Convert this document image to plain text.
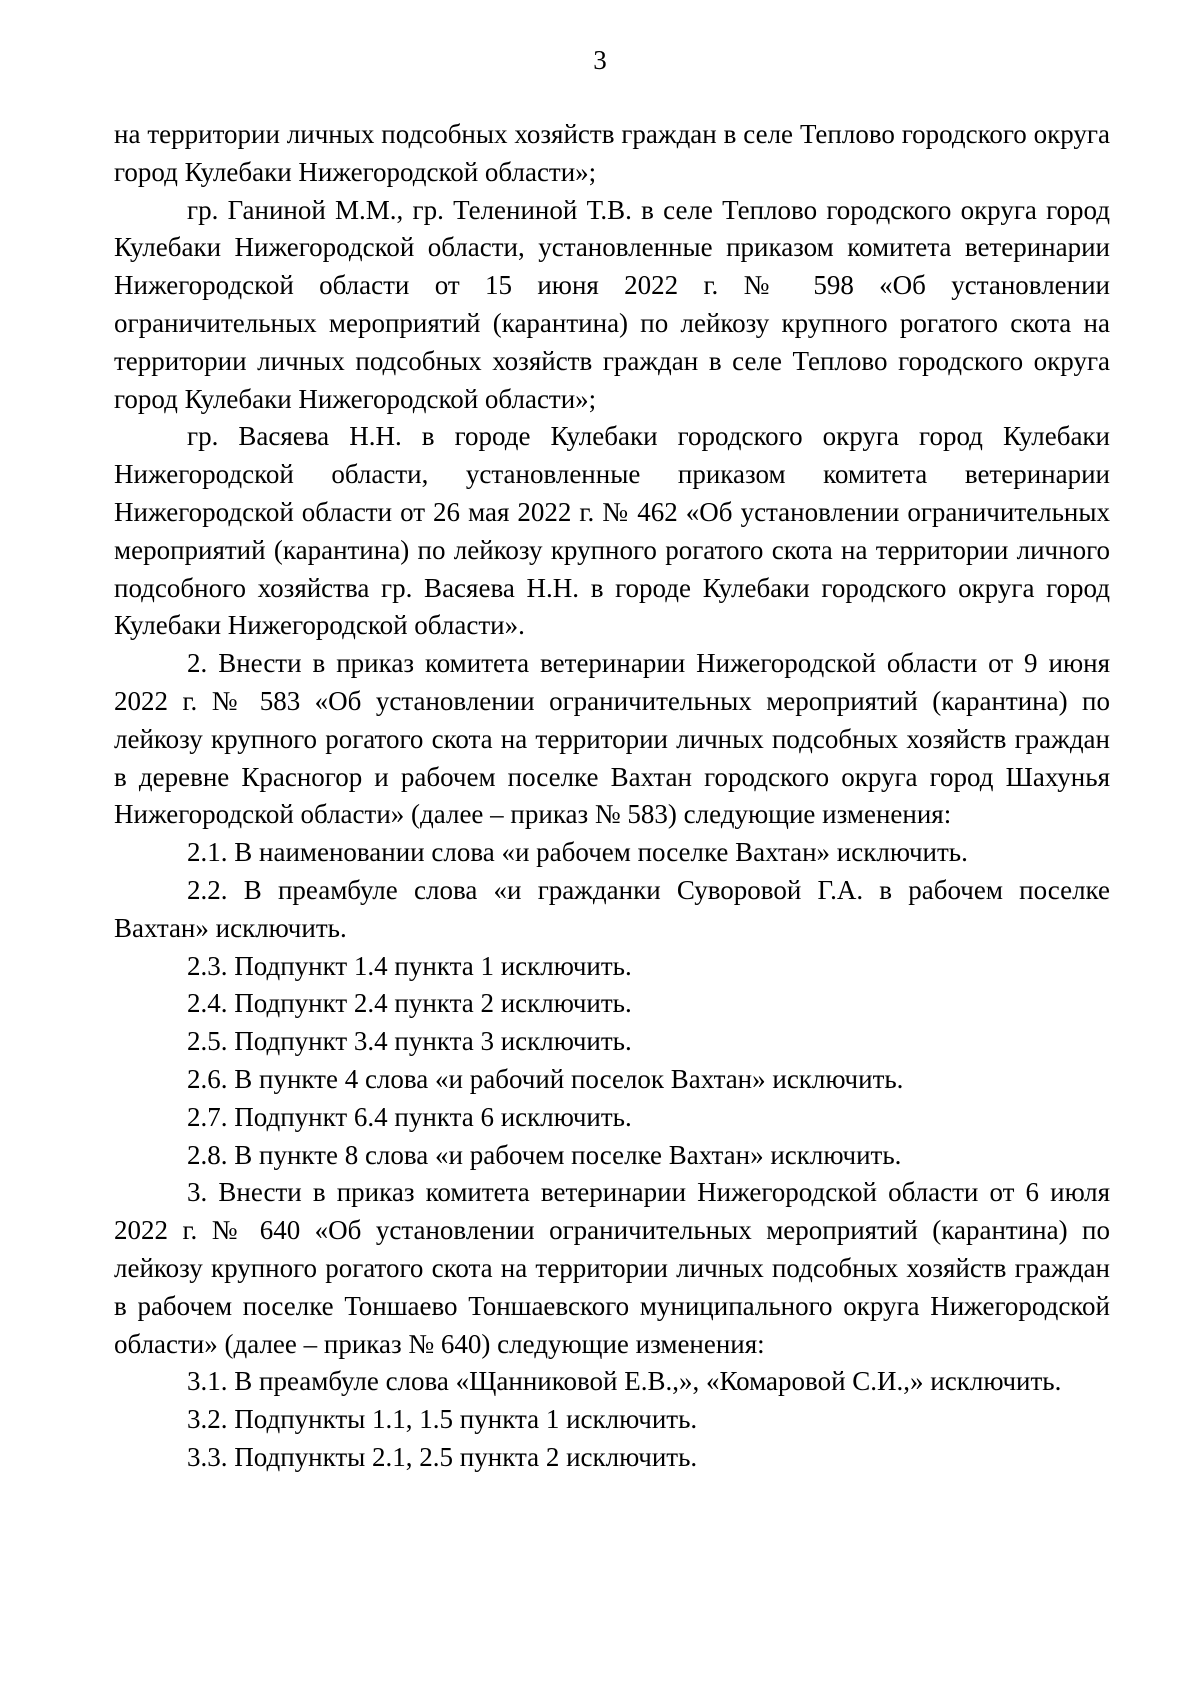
3

на территории личных подсобных хозяйств граждан в селе Теплово городского округа город Кулебаки Нижегородской области»;

гр. Ганиной М.М., гр. Телениной Т.В. в селе Теплово городского округа город Кулебаки Нижегородской области, установленные приказом комитета ветеринарии Нижегородской области от 15 июня 2022 г. № 598 «Об установлении ограничительных мероприятий (карантина) по лейкозу крупного рогатого скота на территории личных подсобных хозяйств граждан в селе Теплово городского округа город Кулебаки Нижегородской области»;

гр. Васяева Н.Н. в городе Кулебаки городского округа город Кулебаки Нижегородской области, установленные приказом комитета ветеринарии Нижегородской области от 26 мая 2022 г. № 462 «Об установлении ограничительных мероприятий (карантина) по лейкозу крупного рогатого скота на территории личного подсобного хозяйства гр. Васяева Н.Н. в городе Кулебаки городского округа город Кулебаки Нижегородской области».

2. Внести в приказ комитета ветеринарии Нижегородской области от 9 июня 2022 г. № 583 «Об установлении ограничительных мероприятий (карантина) по лейкозу крупного рогатого скота на территории личных подсобных хозяйств граждан в деревне Красногор и рабочем поселке Вахтан городского округа город Шахунья Нижегородской области» (далее – приказ № 583) следующие изменения:

2.1. В наименовании слова «и рабочем поселке Вахтан» исключить.

2.2. В преамбуле слова «и гражданки Суворовой Г.А. в рабочем поселке Вахтан» исключить.

2.3. Подпункт 1.4 пункта 1 исключить.

2.4. Подпункт 2.4 пункта 2 исключить.

2.5. Подпункт 3.4 пункта 3 исключить.

2.6. В пункте 4 слова «и рабочий поселок Вахтан» исключить.

2.7. Подпункт 6.4 пункта 6 исключить.

2.8. В пункте 8 слова «и рабочем поселке Вахтан» исключить.

3. Внести в приказ комитета ветеринарии Нижегородской области от 6 июля 2022 г. № 640 «Об установлении ограничительных мероприятий (карантина) по лейкозу крупного рогатого скота на территории личных подсобных хозяйств граждан в рабочем поселке Тоншаево Тоншаевского муниципального округа Нижегородской области» (далее – приказ № 640) следующие изменения:

3.1. В преамбуле слова «Щанниковой Е.В.,», «Комаровой С.И.,» исключить.

3.2. Подпункты 1.1, 1.5 пункта 1 исключить.

3.3. Подпункты 2.1, 2.5 пункта 2 исключить.
